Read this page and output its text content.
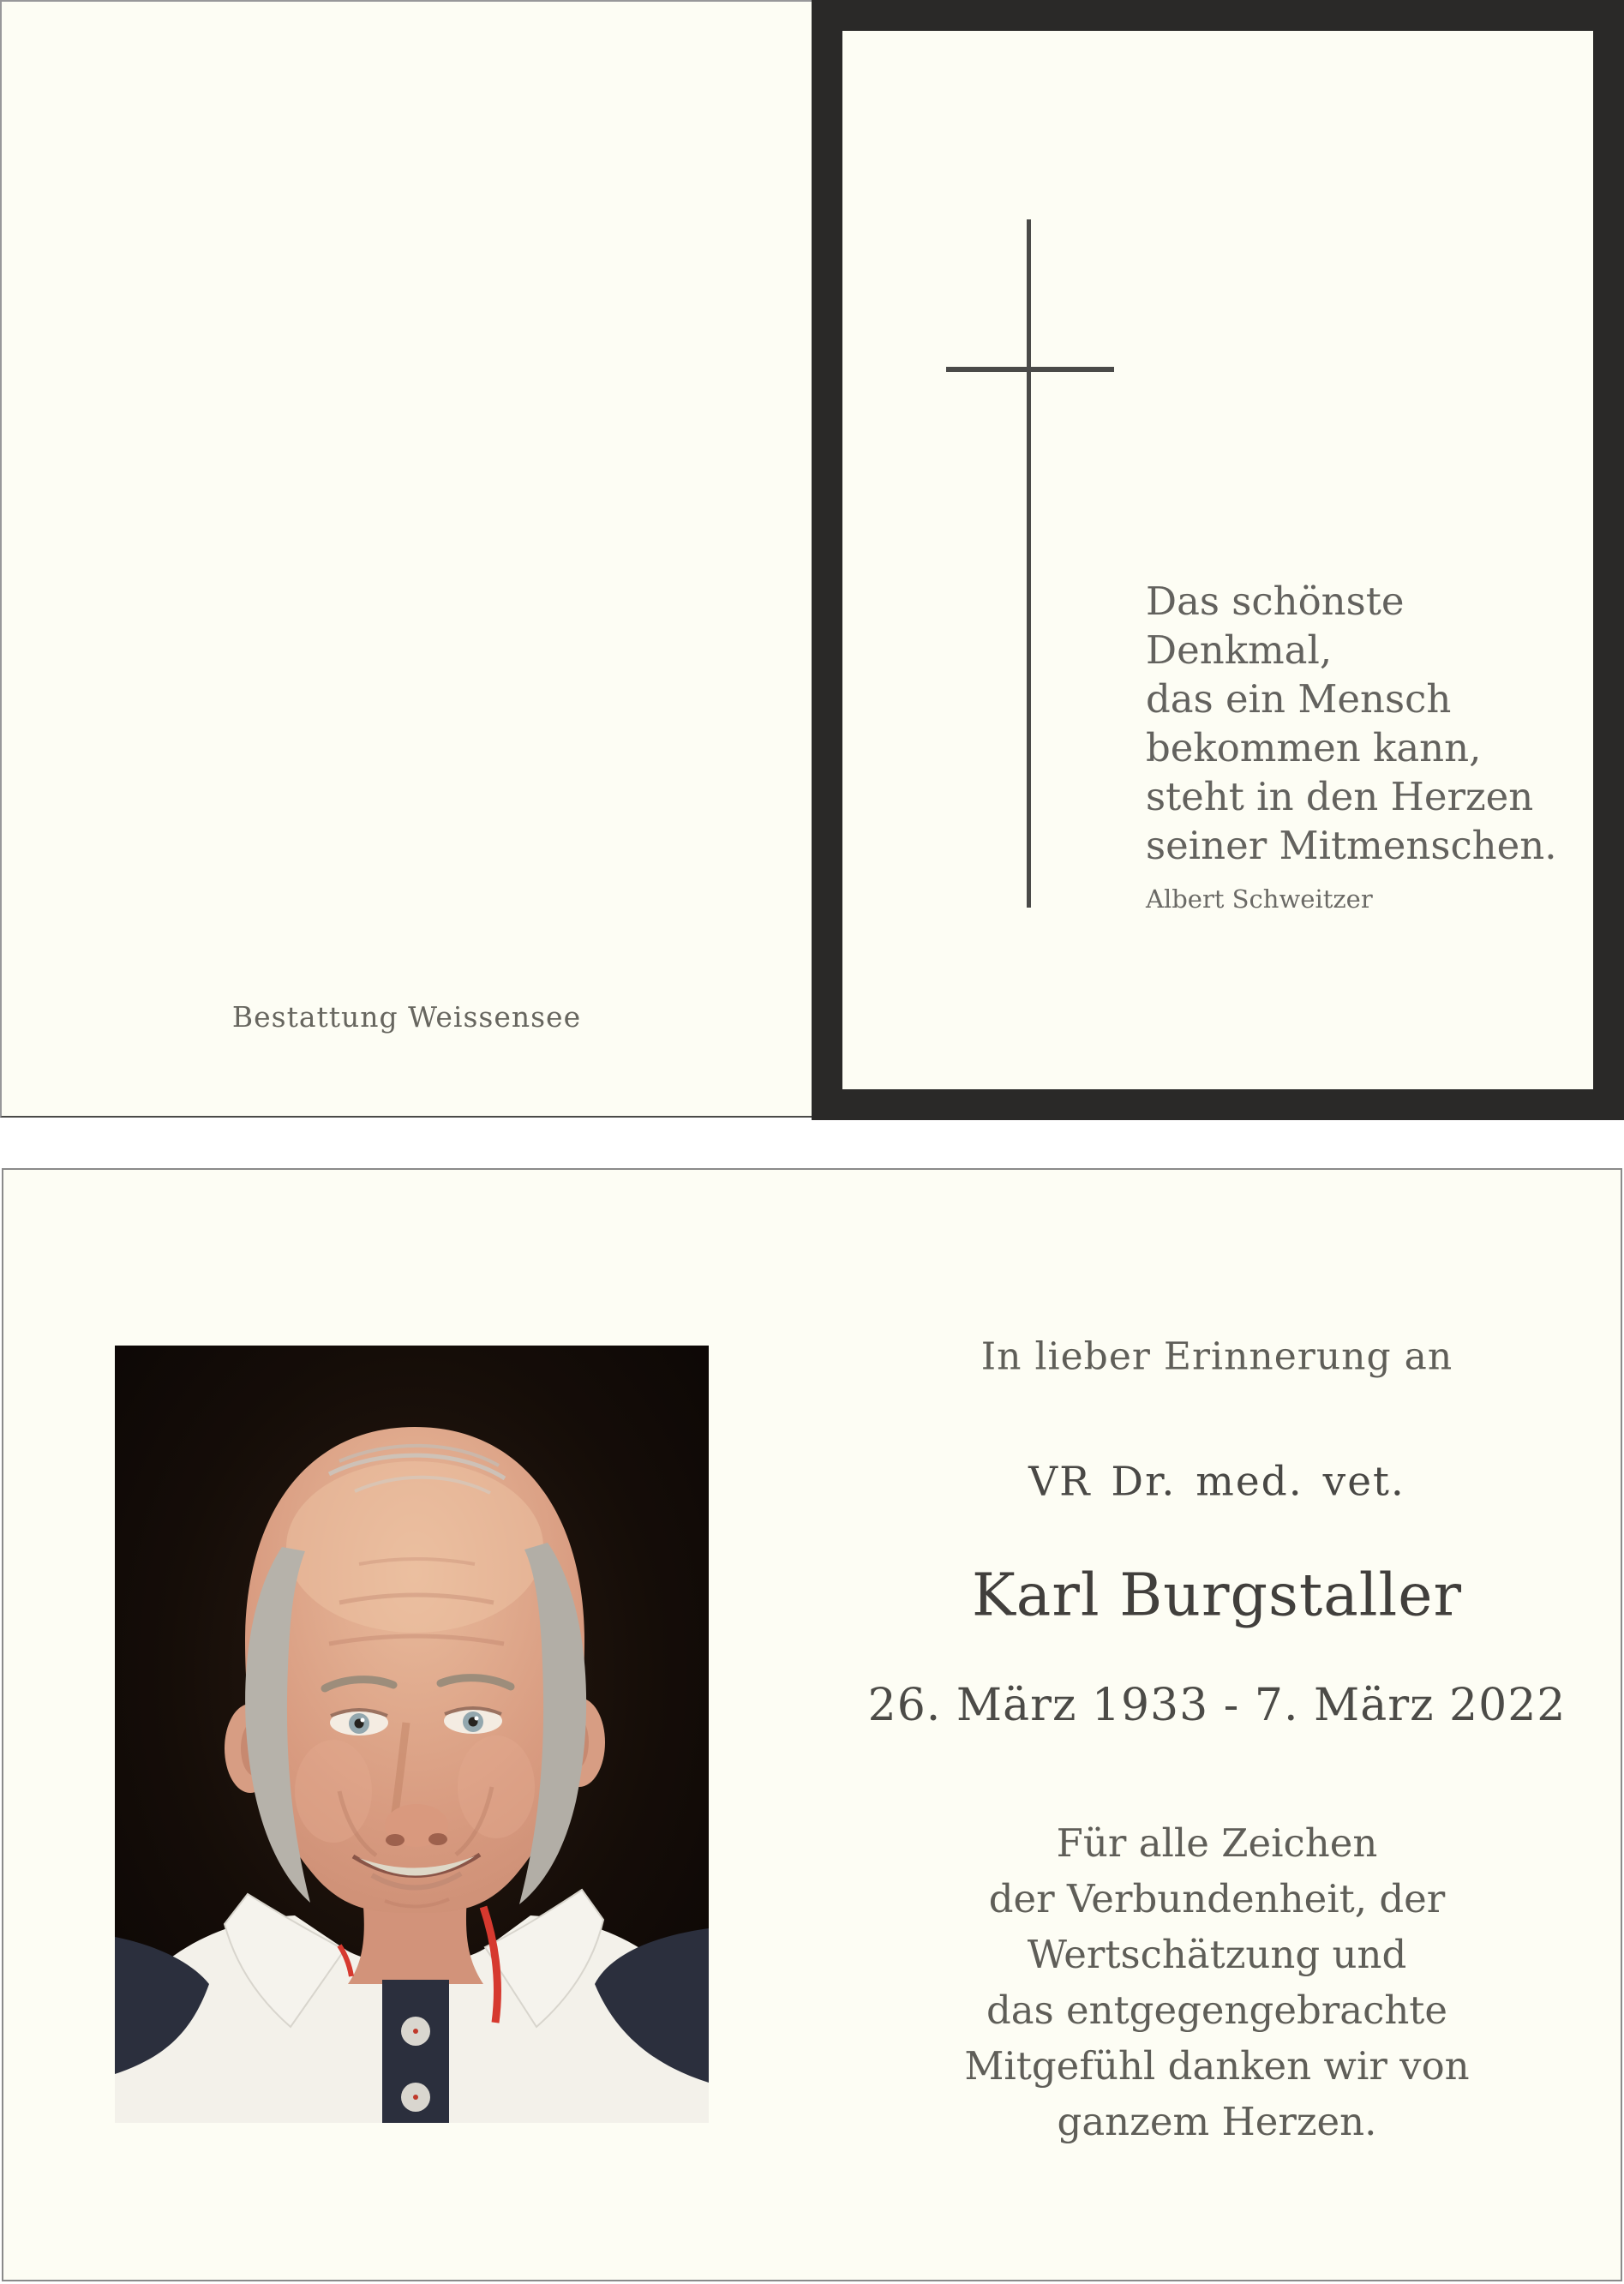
Bestattung Weissensee
Das schönste
Denkmal,
das ein Mensch
bekommen kann,
steht in den Herzen
seiner Mitmenschen.
Albert Schweitzer
In lieber Erinnerung an
VR Dr. med. vet.
Karl Burgstaller
26. März 1933 - 7. März 2022
Für alle Zeichen
der Verbundenheit, der
Wertschätzung und
das entgegengebrachte
Mitgefühl danken wir von
ganzem Herzen.
